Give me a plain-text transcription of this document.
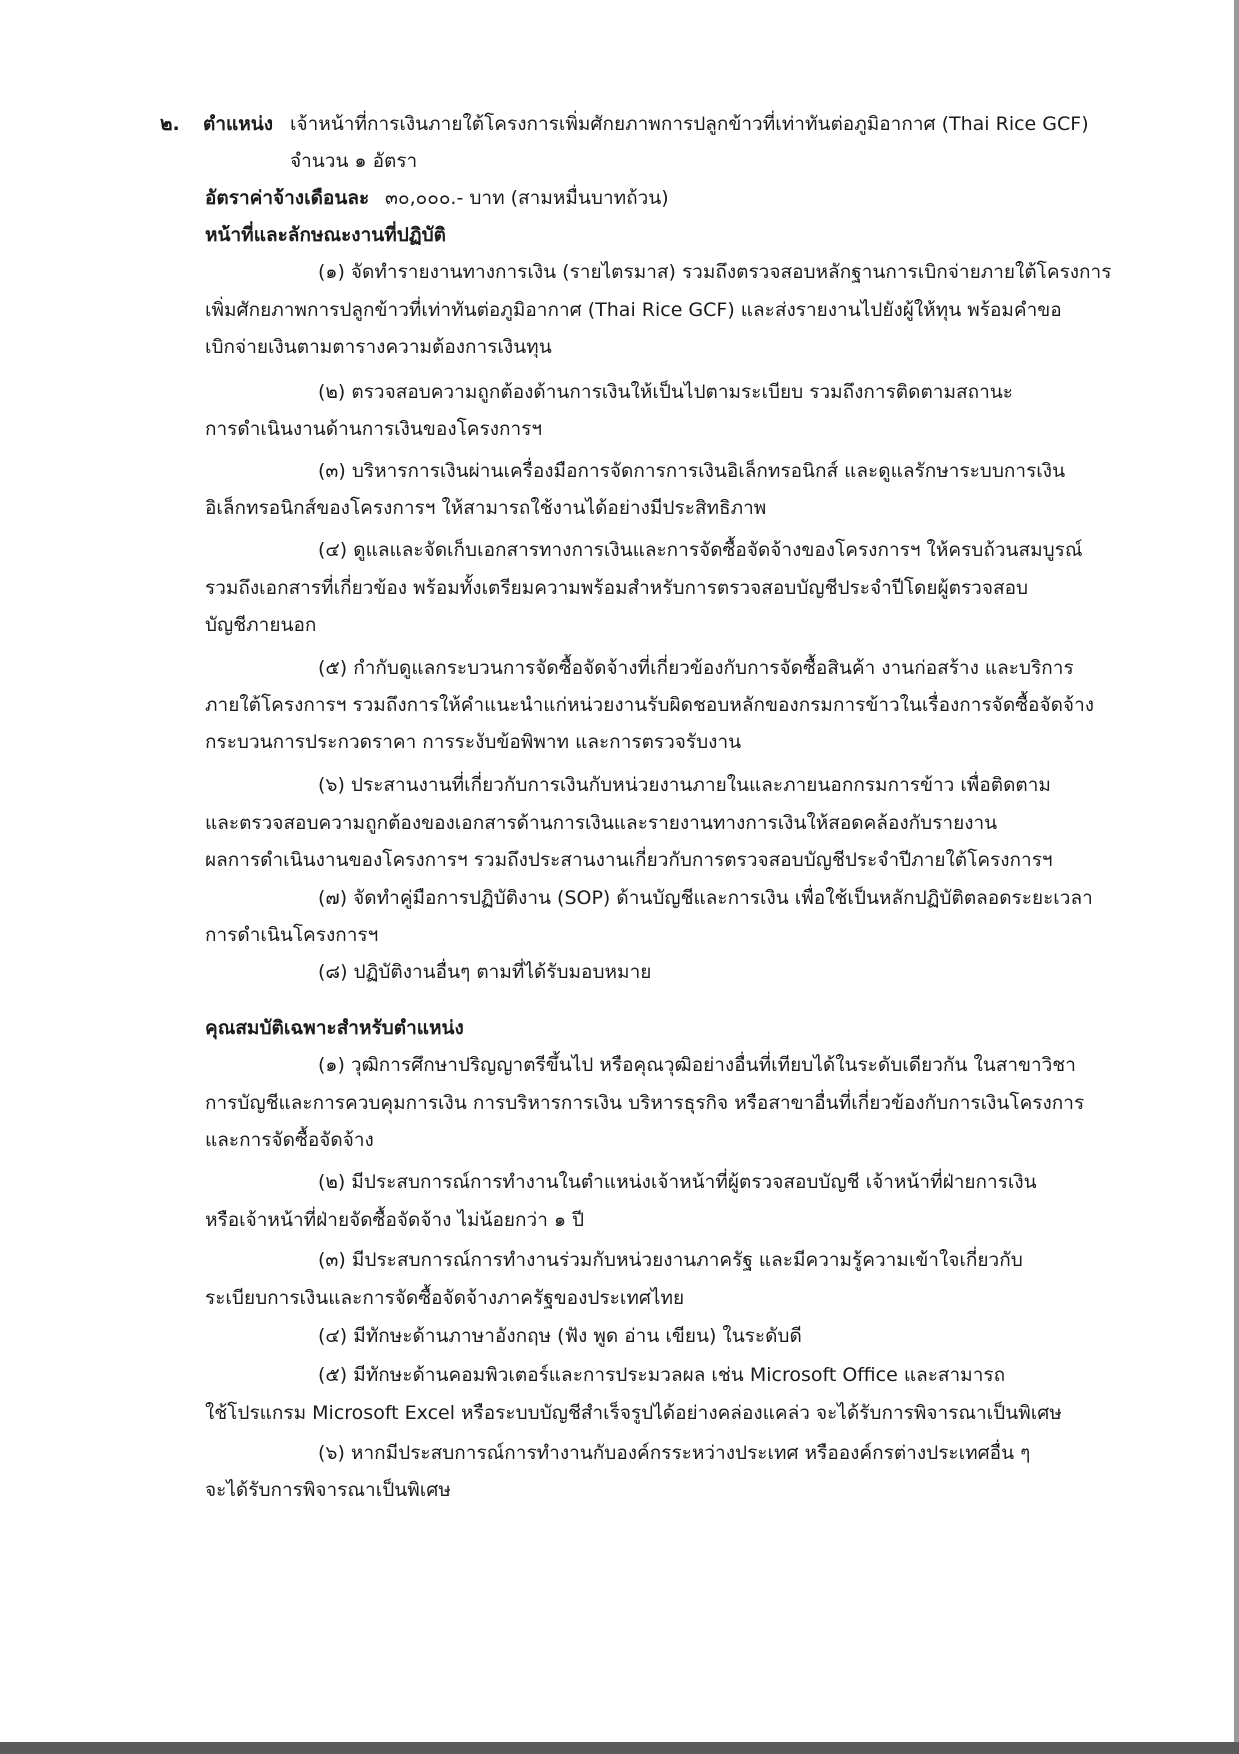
๒. ตำแหน่ง เจ้าหน้าที่การเงินภายใต้โครงการเพิ่มศักยภาพการปลูกข้าวที่เท่าทันต่อภูมิอากาศ (Thai Rice GCF)
จำนวน ๑ อัตรา
อัตราค่าจ้างเดือนละ ๓๐,๐๐๐.- บาท (สามหมื่นบาทถ้วน)
หน้าที่และลักษณะงานที่ปฏิบัติ
(๑) จัดทำรายงานทางการเงิน (รายไตรมาส) รวมถึงตรวจสอบหลักฐานการเบิกจ่ายภายใต้โครงการ
เพิ่มศักยภาพการปลูกข้าวที่เท่าทันต่อภูมิอากาศ (Thai Rice GCF) และส่งรายงานไปยังผู้ให้ทุน พร้อมคำขอ
เบิกจ่ายเงินตามตารางความต้องการเงินทุน
(๒) ตรวจสอบความถูกต้องด้านการเงินให้เป็นไปตามระเบียบ รวมถึงการติดตามสถานะ
การดำเนินงานด้านการเงินของโครงการฯ
(๓) บริหารการเงินผ่านเครื่องมือการจัดการการเงินอิเล็กทรอนิกส์ และดูแลรักษาระบบการเงิน
อิเล็กทรอนิกส์ของโครงการฯ ให้สามารถใช้งานได้อย่างมีประสิทธิภาพ
(๔) ดูแลและจัดเก็บเอกสารทางการเงินและการจัดซื้อจัดจ้างของโครงการฯ ให้ครบถ้วนสมบูรณ์
รวมถึงเอกสารที่เกี่ยวข้อง พร้อมทั้งเตรียมความพร้อมสำหรับการตรวจสอบบัญชีประจำปีโดยผู้ตรวจสอบ
บัญชีภายนอก
(๕) กำกับดูแลกระบวนการจัดซื้อจัดจ้างที่เกี่ยวข้องกับการจัดซื้อสินค้า งานก่อสร้าง และบริการ
ภายใต้โครงการฯ รวมถึงการให้คำแนะนำแก่หน่วยงานรับผิดชอบหลักของกรมการข้าวในเรื่องการจัดซื้อจัดจ้าง
กระบวนการประกวดราคา การระงับข้อพิพาท และการตรวจรับงาน
(๖) ประสานงานที่เกี่ยวกับการเงินกับหน่วยงานภายในและภายนอกกรมการข้าว เพื่อติดตาม
และตรวจสอบความถูกต้องของเอกสารด้านการเงินและรายงานทางการเงินให้สอดคล้องกับรายงาน
ผลการดำเนินงานของโครงการฯ รวมถึงประสานงานเกี่ยวกับการตรวจสอบบัญชีประจำปีภายใต้โครงการฯ
(๗) จัดทำคู่มือการปฏิบัติงาน (SOP) ด้านบัญชีและการเงิน เพื่อใช้เป็นหลักปฏิบัติตลอดระยะเวลา
การดำเนินโครงการฯ
(๘) ปฏิบัติงานอื่นๆ ตามที่ได้รับมอบหมาย
คุณสมบัติเฉพาะสำหรับตำแหน่ง
(๑) วุฒิการศึกษาปริญญาตรีขึ้นไป หรือคุณวุฒิอย่างอื่นที่เทียบได้ในระดับเดียวกัน ในสาขาวิชา
การบัญชีและการควบคุมการเงิน การบริหารการเงิน บริหารธุรกิจ หรือสาขาอื่นที่เกี่ยวข้องกับการเงินโครงการ
และการจัดซื้อจัดจ้าง
(๒) มีประสบการณ์การทำงานในตำแหน่งเจ้าหน้าที่ผู้ตรวจสอบบัญชี เจ้าหน้าที่ฝ่ายการเงิน
หรือเจ้าหน้าที่ฝ่ายจัดซื้อจัดจ้าง ไม่น้อยกว่า ๑ ปี
(๓) มีประสบการณ์การทำงานร่วมกับหน่วยงานภาครัฐ และมีความรู้ความเข้าใจเกี่ยวกับ
ระเบียบการเงินและการจัดซื้อจัดจ้างภาครัฐของประเทศไทย
(๔) มีทักษะด้านภาษาอังกฤษ (ฟัง พูด อ่าน เขียน) ในระดับดี
(๕) มีทักษะด้านคอมพิวเตอร์และการประมวลผล เช่น Microsoft Office และสามารถ
ใช้โปรแกรม Microsoft Excel หรือระบบบัญชีสำเร็จรูปได้อย่างคล่องแคล่ว จะได้รับการพิจารณาเป็นพิเศษ
(๖) หากมีประสบการณ์การทำงานกับองค์กรระหว่างประเทศ หรือองค์กรต่างประเทศอื่น ๆ
จะได้รับการพิจารณาเป็นพิเศษ
